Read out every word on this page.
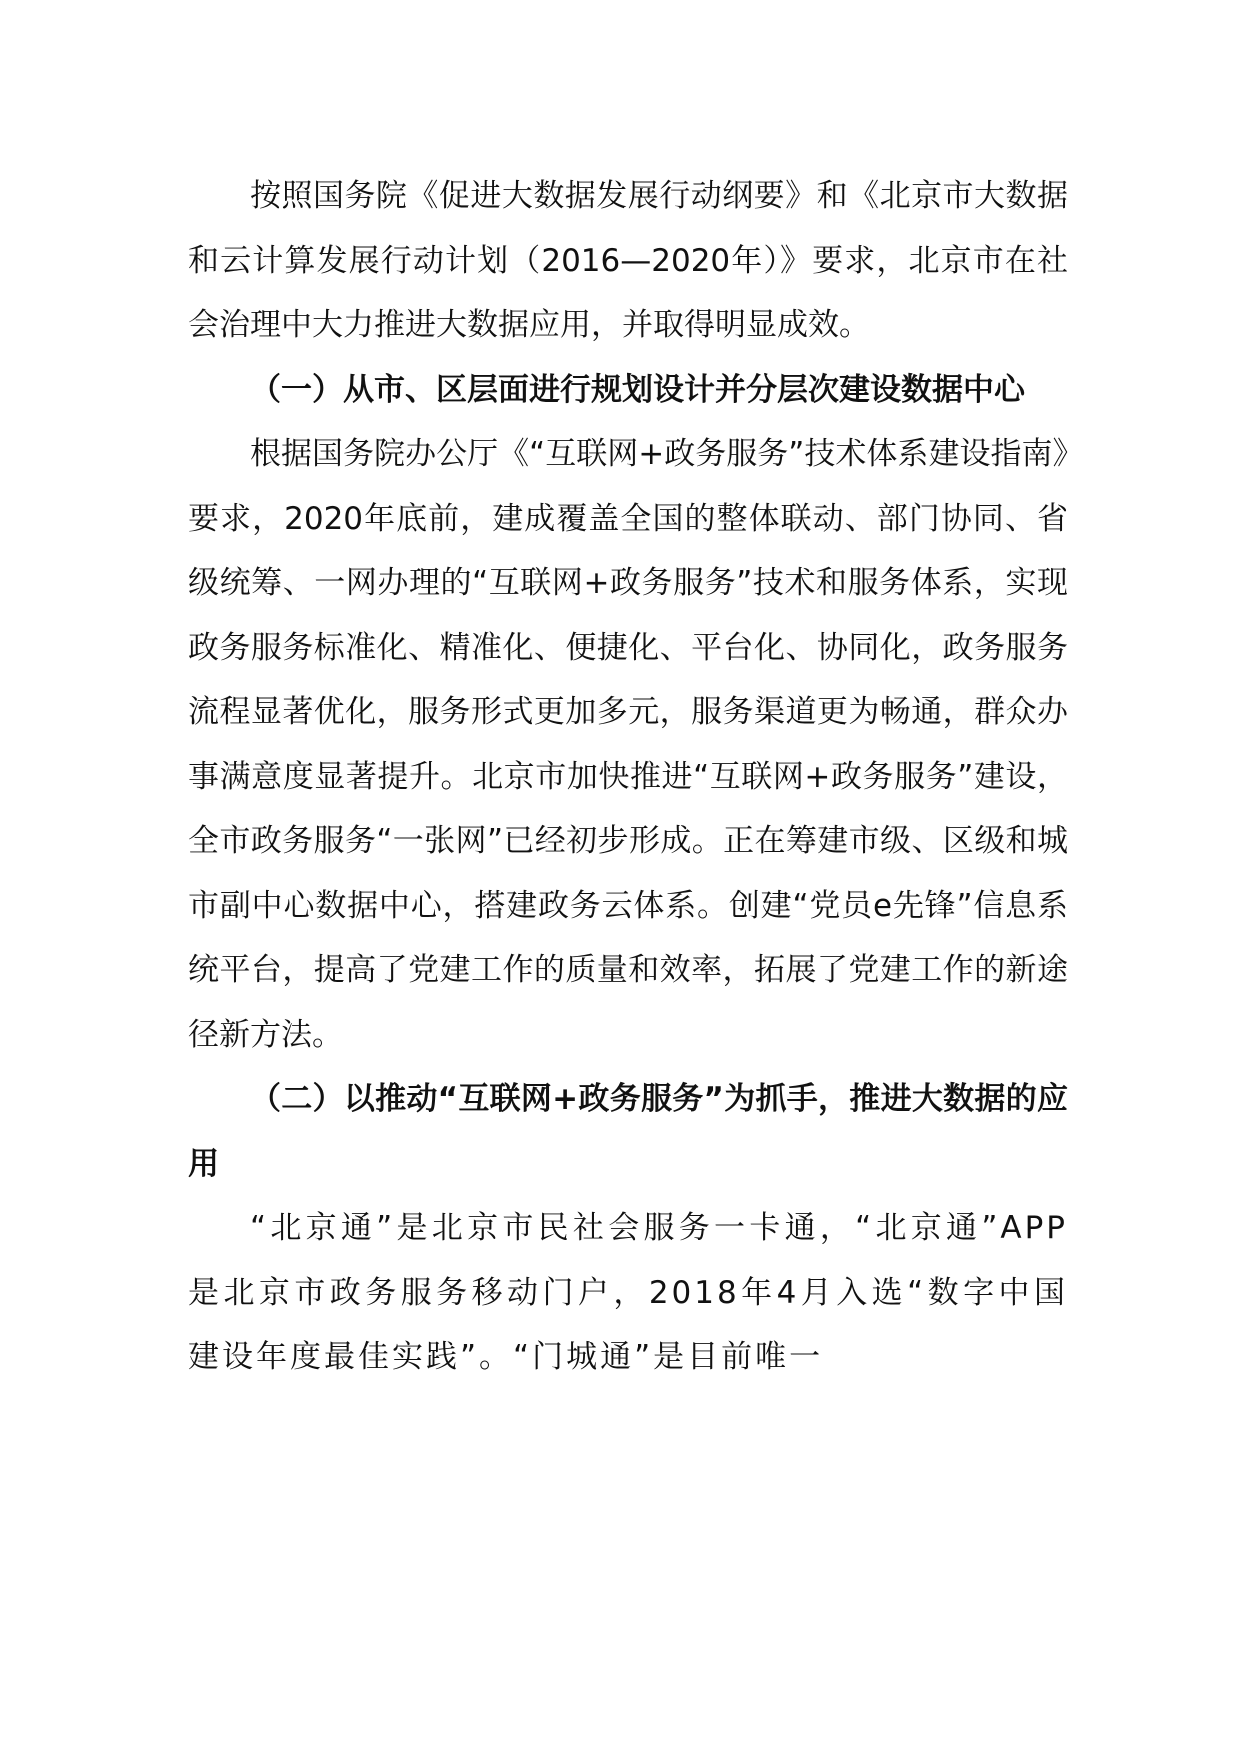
按照国务院《促进大数据发展行动纲要》和《北京市大数据和云计算发展行动计划（2016—2020年）》要求，北京市在社会治理中大力推进大数据应用，并取得明显成效。

（一）从市、区层面进行规划设计并分层次建设数据中心

根据国务院办公厅《“互联网+政务服务”技术体系建设指南》要求，2020年底前，建成覆盖全国的整体联动、部门协同、省级统筹、一网办理的“互联网+政务服务”技术和服务体系，实现政务服务标准化、精准化、便捷化、平台化、协同化，政务服务流程显著优化，服务形式更加多元，服务渠道更为畅通，群众办事满意度显著提升。北京市加快推进“互联网+政务服务”建设，全市政务服务“一张网”已经初步形成。正在筹建市级、区级和城市副中心数据中心，搭建政务云体系。创建“党员e先锋”信息系统平台，提高了党建工作的质量和效率，拓展了党建工作的新途径新方法。

（二）以推动“互联网+政务服务”为抓手，推进大数据的应用

“北京通”是北京市民社会服务一卡通，“北京通”APP是北京市政务服务移动门户，2018年4月入选“数字中国建设年度最佳实践”。“门城通”是目前唯一
